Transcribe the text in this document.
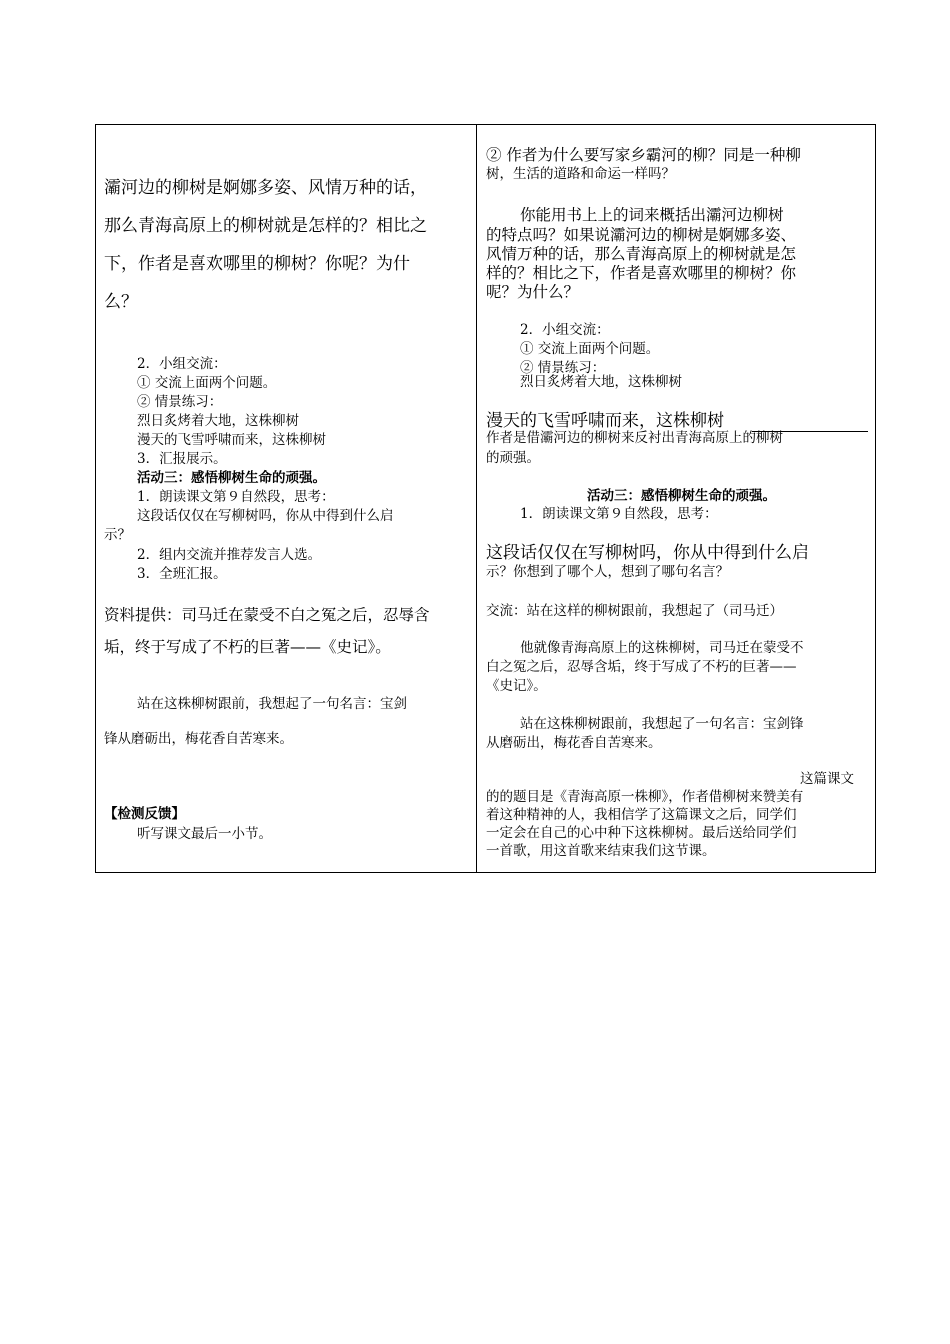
灞河边的柳树是婀娜多姿、风情万种的话，
那么青海高原上的柳树就是怎样的？相比之
下，作者是喜欢哪里的柳树？你呢？为什
么？
2．小组交流：
① 交流上面两个问题。
② 情景练习：
烈日炙烤着大地，这株柳树
漫天的飞雪呼啸而来，这株柳树
3．汇报展示。
活动三：感悟柳树生命的顽强。
1．朗读课文第９自然段，思考：
这段话仅仅在写柳树吗，你从中得到什么启
示？
2．组内交流并推荐发言人选。
3．全班汇报。
资料提供：司马迁在蒙受不白之冤之后，忍辱含
垢，终于写成了不朽的巨著——《史记》。
站在这株柳树跟前，我想起了一句名言：宝剑
锋从磨砺出，梅花香自苦寒来。
【检测反馈】
听写课文最后一小节。
② 作者为什么要写家乡霸河的柳？同是一种柳
树，生活的道路和命运一样吗？
你能用书上上的词来概括出灞河边柳树
的特点吗？如果说灞河边的柳树是婀娜多姿、
风情万种的话，那么青海高原上的柳树就是怎
样的？相比之下，作者是喜欢哪里的柳树？你
呢？为什么？
2．小组交流：
① 交流上面两个问题。
② 情景练习：
烈日炙烤着大地，这株柳树
漫天的飞雪呼啸而来，这株柳树
作者是借灞河边的柳树来反衬出青海高原上的柳树
的顽强。
活动三：感悟柳树生命的顽强。
1．朗读课文第９自然段，思考：
这段话仅仅在写柳树吗，你从中得到什么启
示？你想到了哪个人，想到了哪句名言？
交流：站在这样的柳树跟前，我想起了（司马迁）
他就像青海高原上的这株柳树，司马迁在蒙受不
白之冤之后，忍辱含垢，终于写成了不朽的巨著——
《史记》。
站在这株柳树跟前，我想起了一句名言：宝剑锋
从磨砺出，梅花香自苦寒来。
这篇课文
的的题目是《青海高原一株柳》，作者借柳树来赞美有
着这种精神的人，我相信学了这篇课文之后，同学们
一定会在自己的心中种下这株柳树。最后送给同学们
一首歌，用这首歌来结束我们这节课。
